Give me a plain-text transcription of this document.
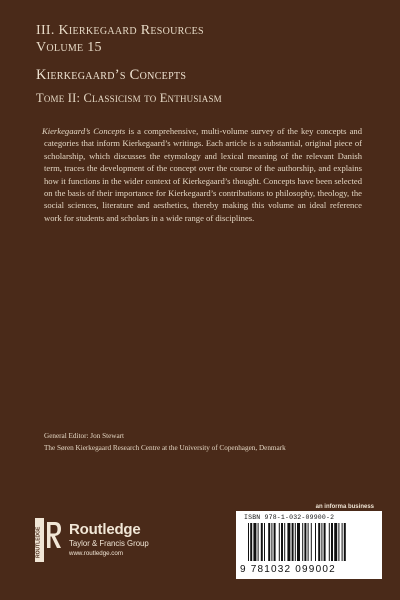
III. Kierkegaard Resources
Volume 15
Kierkegaard’s Concepts
Tome II: Classicism to Enthusiasm
Kierkegaard’s Concepts is a comprehensive, multi-volume survey of the key concepts and categories that inform Kierkegaard’s writings. Each article is a substantial, original piece of scholarship, which discusses the etymology and lexical meaning of the relevant Danish term, traces the development of the concept over the course of the authorship, and explains how it functions in the wider context of Kierkegaard’s thought. Concepts have been selected on the basis of their importance for Kierkegaard’s contributions to philosophy, theology, the social sciences, literature and aesthetics, thereby making this volume an ideal reference work for students and scholars in a wide range of disciplines.
General Editor: Jon Stewart
The Søren Kierkegaard Research Centre at the University of Copenhagen, Denmark
an informa business
ISBN 978-1-032-09900-2
9 781032 099002
ROUTLEDGE Routledge
Taylor & Francis Group
www.routledge.com
